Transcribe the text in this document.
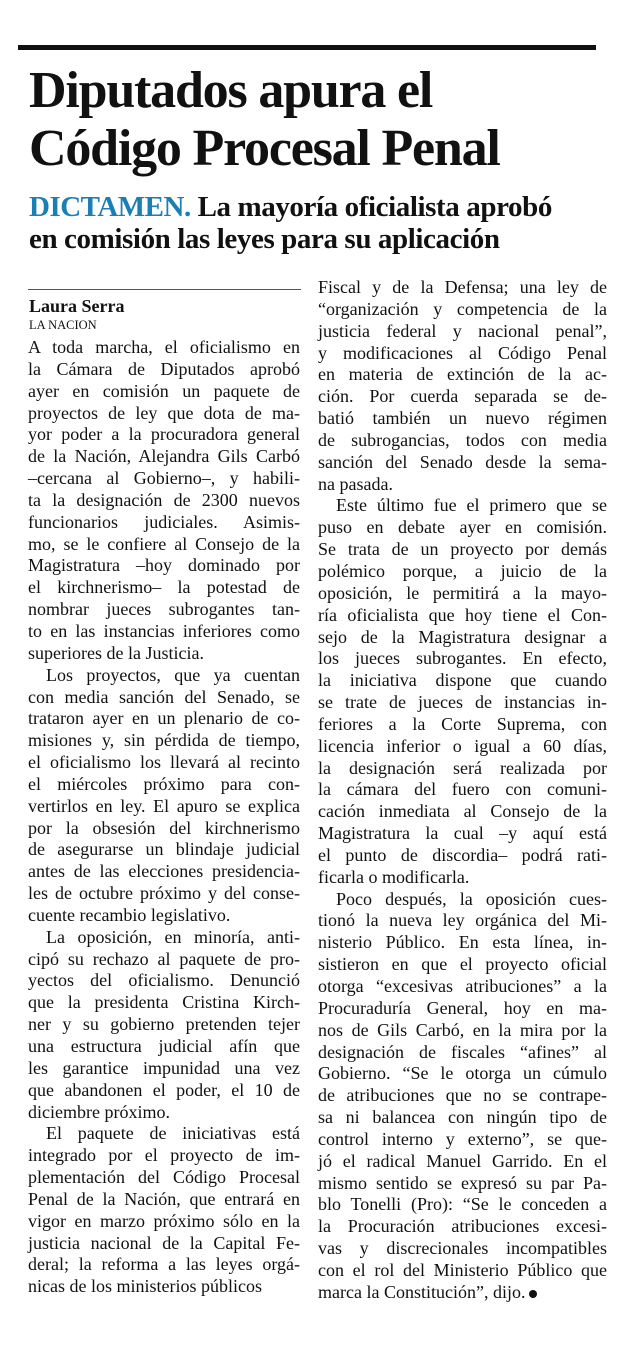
Diputados apura el
Código Procesal Penal
DICTAMEN. La mayoría oficialista aprobó
en comisión las leyes para su aplicación
Laura Serra
LA NACION
A toda marcha, el oficialismo en
la Cámara de Diputados aprobó
ayer en comisión un paquete de
proyectos de ley que dota de ma-
yor poder a la procuradora general
de la Nación, Alejandra Gils Carbó
–cercana al Gobierno–, y habili-
ta la designación de 2300 nuevos
funcionarios judiciales. Asimis-
mo, se le confiere al Consejo de la
Magistratura –hoy dominado por
el kirchnerismo– la potestad de
nombrar jueces subrogantes tan-
to en las instancias inferiores como
superiores de la Justicia.
Los proyectos, que ya cuentan
con media sanción del Senado, se
trataron ayer en un plenario de co-
misiones y, sin pérdida de tiempo,
el oficialismo los llevará al recinto
el miércoles próximo para con-
vertirlos en ley. El apuro se explica
por la obsesión del kirchnerismo
de asegurarse un blindaje judicial
antes de las elecciones presidencia-
les de octubre próximo y del conse-
cuente recambio legislativo.
La oposición, en minoría, anti-
cipó su rechazo al paquete de pro-
yectos del oficialismo. Denunció
que la presidenta Cristina Kirch-
ner y su gobierno pretenden tejer
una estructura judicial afín que
les garantice impunidad una vez
que abandonen el poder, el 10 de
diciembre próximo.
El paquete de iniciativas está
integrado por el proyecto de im-
plementación del Código Procesal
Penal de la Nación, que entrará en
vigor en marzo próximo sólo en la
justicia nacional de la Capital Fe-
deral; la reforma a las leyes orgá-
nicas de los ministerios públicos
Fiscal y de la Defensa; una ley de
“organización y competencia de la
justicia federal y nacional penal”,
y modificaciones al Código Penal
en materia de extinción de la ac-
ción. Por cuerda separada se de-
batió también un nuevo régimen
de subrogancias, todos con media
sanción del Senado desde la sema-
na pasada.
Este último fue el primero que se
puso en debate ayer en comisión.
Se trata de un proyecto por demás
polémico porque, a juicio de la
oposición, le permitirá a la mayo-
ría oficialista que hoy tiene el Con-
sejo de la Magistratura designar a
los jueces subrogantes. En efecto,
la iniciativa dispone que cuando
se trate de jueces de instancias in-
feriores a la Corte Suprema, con
licencia inferior o igual a 60 días,
la designación será realizada por
la cámara del fuero con comuni-
cación inmediata al Consejo de la
Magistratura la cual –y aquí está
el punto de discordia– podrá rati-
ficarla o modificarla.
Poco después, la oposición cues-
tionó la nueva ley orgánica del Mi-
nisterio Público. En esta línea, in-
sistieron en que el proyecto oficial
otorga “excesivas atribuciones” a la
Procuraduría General, hoy en ma-
nos de Gils Carbó, en la mira por la
designación de fiscales “afines” al
Gobierno. “Se le otorga un cúmulo
de atribuciones que no se contrape-
sa ni balancea con ningún tipo de
control interno y externo”, se que-
jó el radical Manuel Garrido. En el
mismo sentido se expresó su par Pa-
blo Tonelli (Pro): “Se le conceden a
la Procuración atribuciones excesi-
vas y discrecionales incompatibles
con el rol del Ministerio Público que
marca la Constitución”, dijo.
